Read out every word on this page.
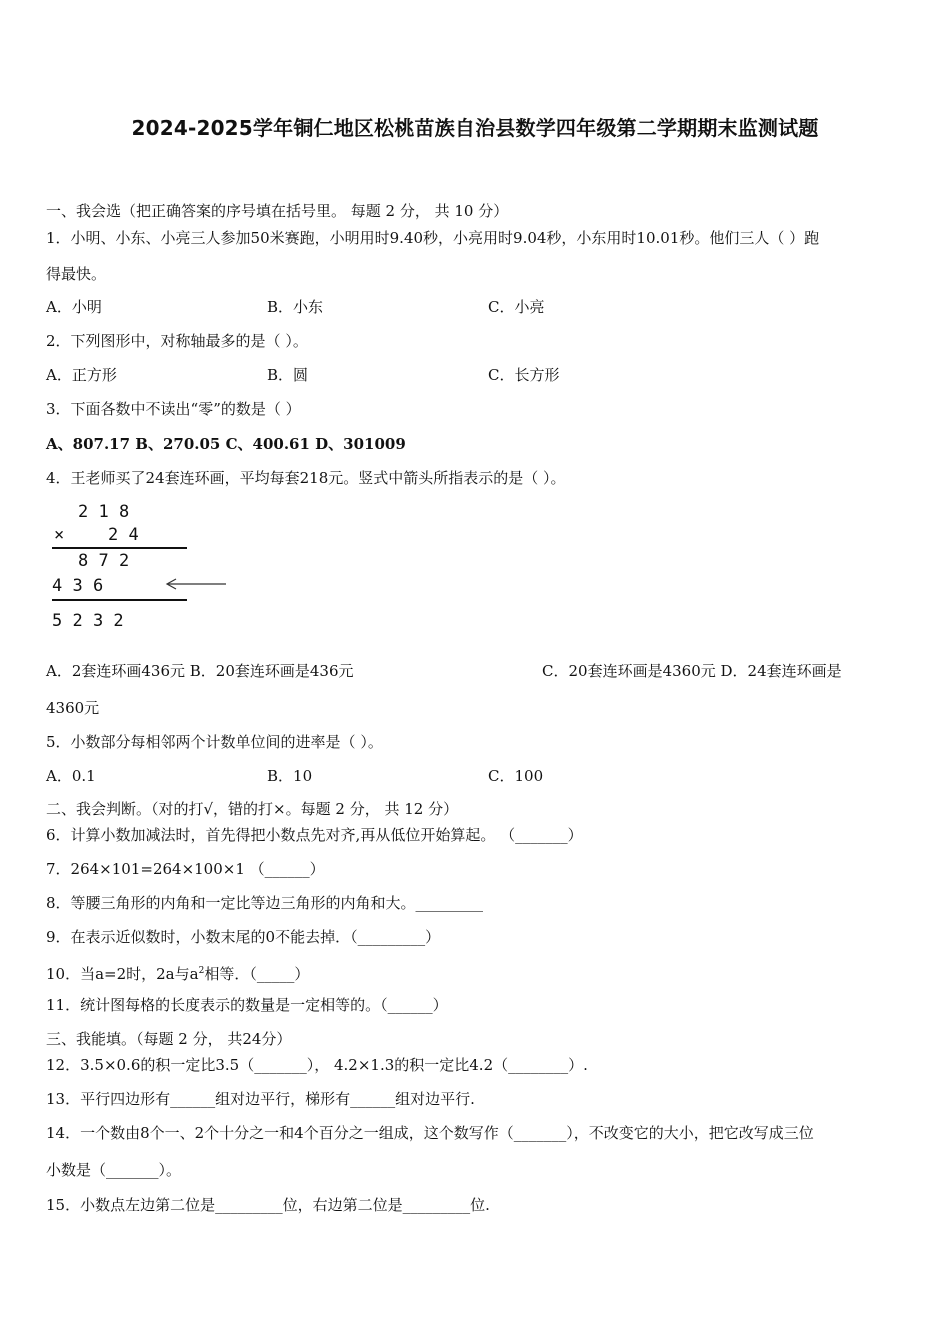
2024-2025学年铜仁地区松桃苗族自治县数学四年级第二学期期末监测试题
一、我会选（把正确答案的序号填在括号里。 每题 2 分， 共 10 分）
1．小明、小东、小亮三人参加50米赛跑，小明用时9.40秒，小亮用时9.04秒，小东用时10.01秒。他们三人（ ）跑
得最快。
A．小明	B．小东	C．小亮
2．下列图形中，对称轴最多的是（ ）。
A．正方形	B．圆	C．长方形
3．下面各数中不读出“零”的数是（ ）
A、807.17 B、270.05 C、400.61 D、301009
4．王老师买了24套连环画，平均每套218元。竖式中箭头所指表示的是（ ）。
2 1 8
×	2 4
8 7 2
4 3 6
5 2 3 2
A．2套连环画436元 B．20套连环画是436元	C．20套连环画是4360元 D．24套连环画是
4360元
5．小数部分每相邻两个计数单位间的进率是（ ）。
A．0.1	B．10	C．100
二、我会判断。（对的打√，错的打×。每题 2 分， 共 12 分）
6．计算小数加减法时，首先得把小数点先对齐,再从低位开始算起。 （_______）
7．264×101=264×100×1 （______）
8．等腰三角形的内角和一定比等边三角形的内角和大。_________
9．在表示近似数时，小数末尾的0不能去掉．（_________）
10．当a=2时，2a与$a^2$相等．（_____）
11．统计图每格的长度表示的数量是一定相等的。（______）
三、我能填。（每题 2 分， 共24分）
12．3.5×0.6的积一定比3.5（_______）， 4.2×1.3的积一定比4.2（________）.
13．平行四边形有______组对边平行，梯形有______组对边平行.
14．一个数由8个一、2个十分之一和4个百分之一组成，这个数写作（_______），不改变它的大小，把它改写成三位
小数是（_______）。
15．小数点左边第二位是_________位，右边第二位是_________位.
